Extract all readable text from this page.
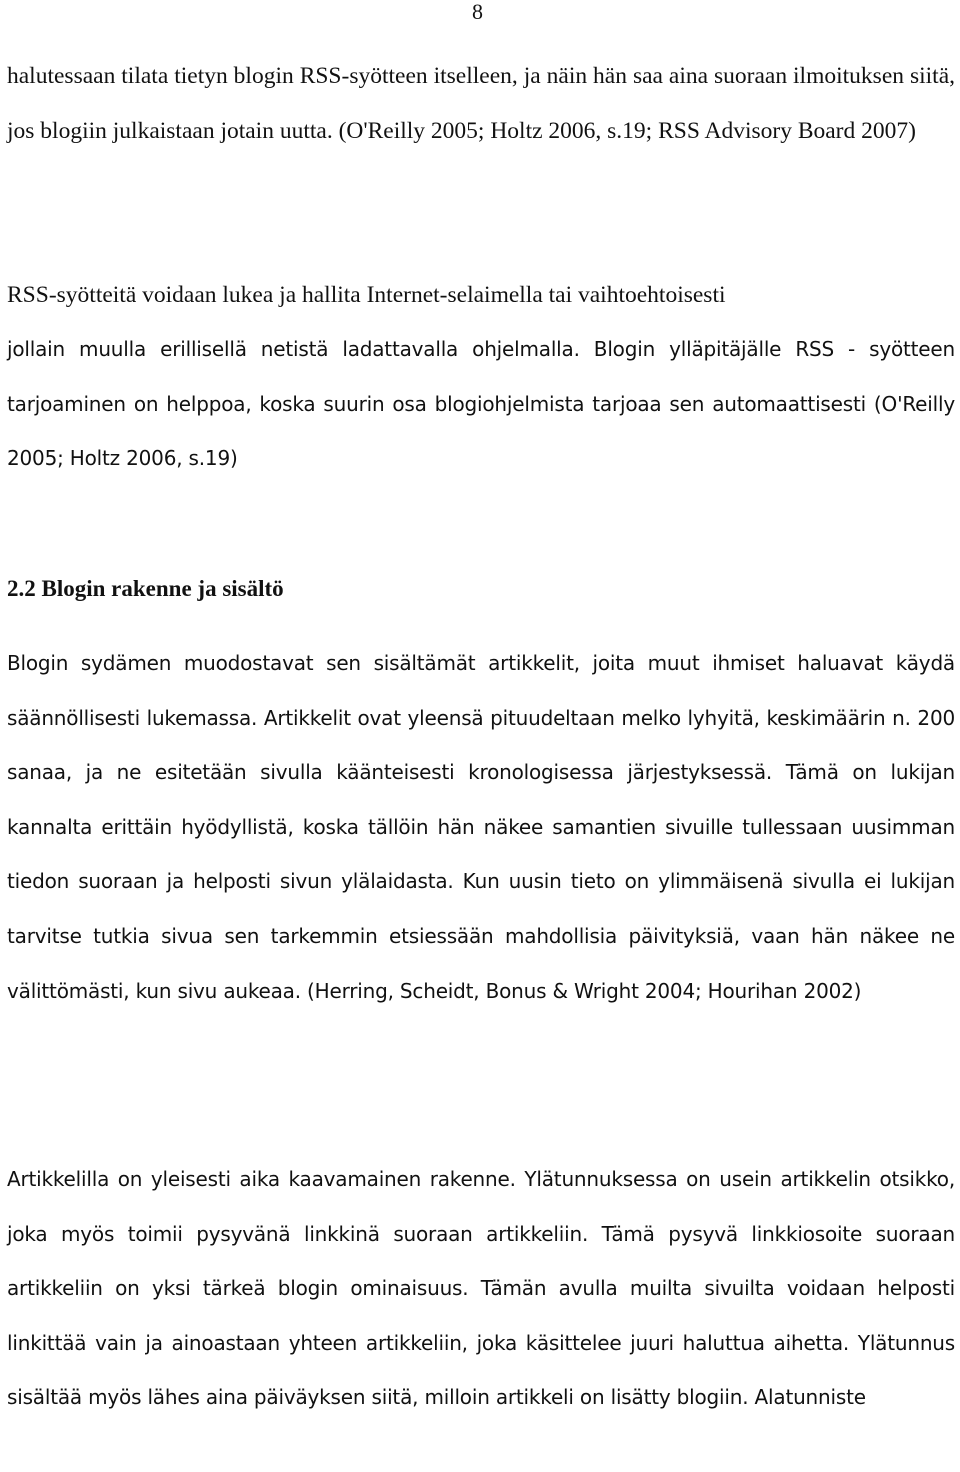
8

halutessaan tilata tietyn blogin RSS-syötteen itselleen, ja näin hän saa aina suoraan ilmoituksen siitä, jos blogiin julkaistaan jotain uutta. (O'Reilly 2005; Holtz 2006, s.19; RSS Advisory Board 2007)

RSS-syötteitä voidaan lukea ja hallita Internet-selaimella tai vaihtoehtoisesti

jollain muulla erillisellä netistä ladattavalla ohjelmalla. Blogin ylläpitäjälle RSS - syötteen tarjoaminen on helppoa, koska suurin osa blogiohjelmista tarjoaa sen automaattisesti (O'Reilly 2005; Holtz 2006, s.19)

2.2 Blogin rakenne ja sisältö

Blogin sydämen muodostavat sen sisältämät artikkelit, joita muut ihmiset haluavat käydä säännöllisesti lukemassa. Artikkelit ovat yleensä pituudeltaan melko lyhyitä, keskimäärin n. 200 sanaa, ja ne esitetään sivulla käänteisesti kronologisessa järjestyksessä. Tämä on lukijan kannalta erittäin hyödyllistä, koska tällöin hän näkee samantien sivuille tullessaan uusimman tiedon suoraan ja helposti sivun ylälaidasta. Kun uusin tieto on ylimmäisenä sivulla ei lukijan tarvitse tutkia sivua sen tarkemmin etsiessään mahdollisia päivityksiä, vaan hän näkee ne välittömästi, kun sivu aukeaa. (Herring, Scheidt, Bonus & Wright 2004; Hourihan 2002)

Artikkelilla on yleisesti aika kaavamainen rakenne. Ylätunnuksessa on usein artikkelin otsikko, joka myös toimii pysyvänä linkkinä suoraan artikkeliin. Tämä pysyvä linkkiosoite suoraan artikkeliin on yksi tärkeä blogin ominaisuus. Tämän avulla muilta sivuilta voidaan helposti linkittää vain ja ainoastaan yhteen artikkeliin, joka käsittelee juuri haluttua aihetta. Ylätunnus sisältää myös lähes aina päiväyksen siitä, milloin artikkeli on lisätty blogiin. Alatunniste
